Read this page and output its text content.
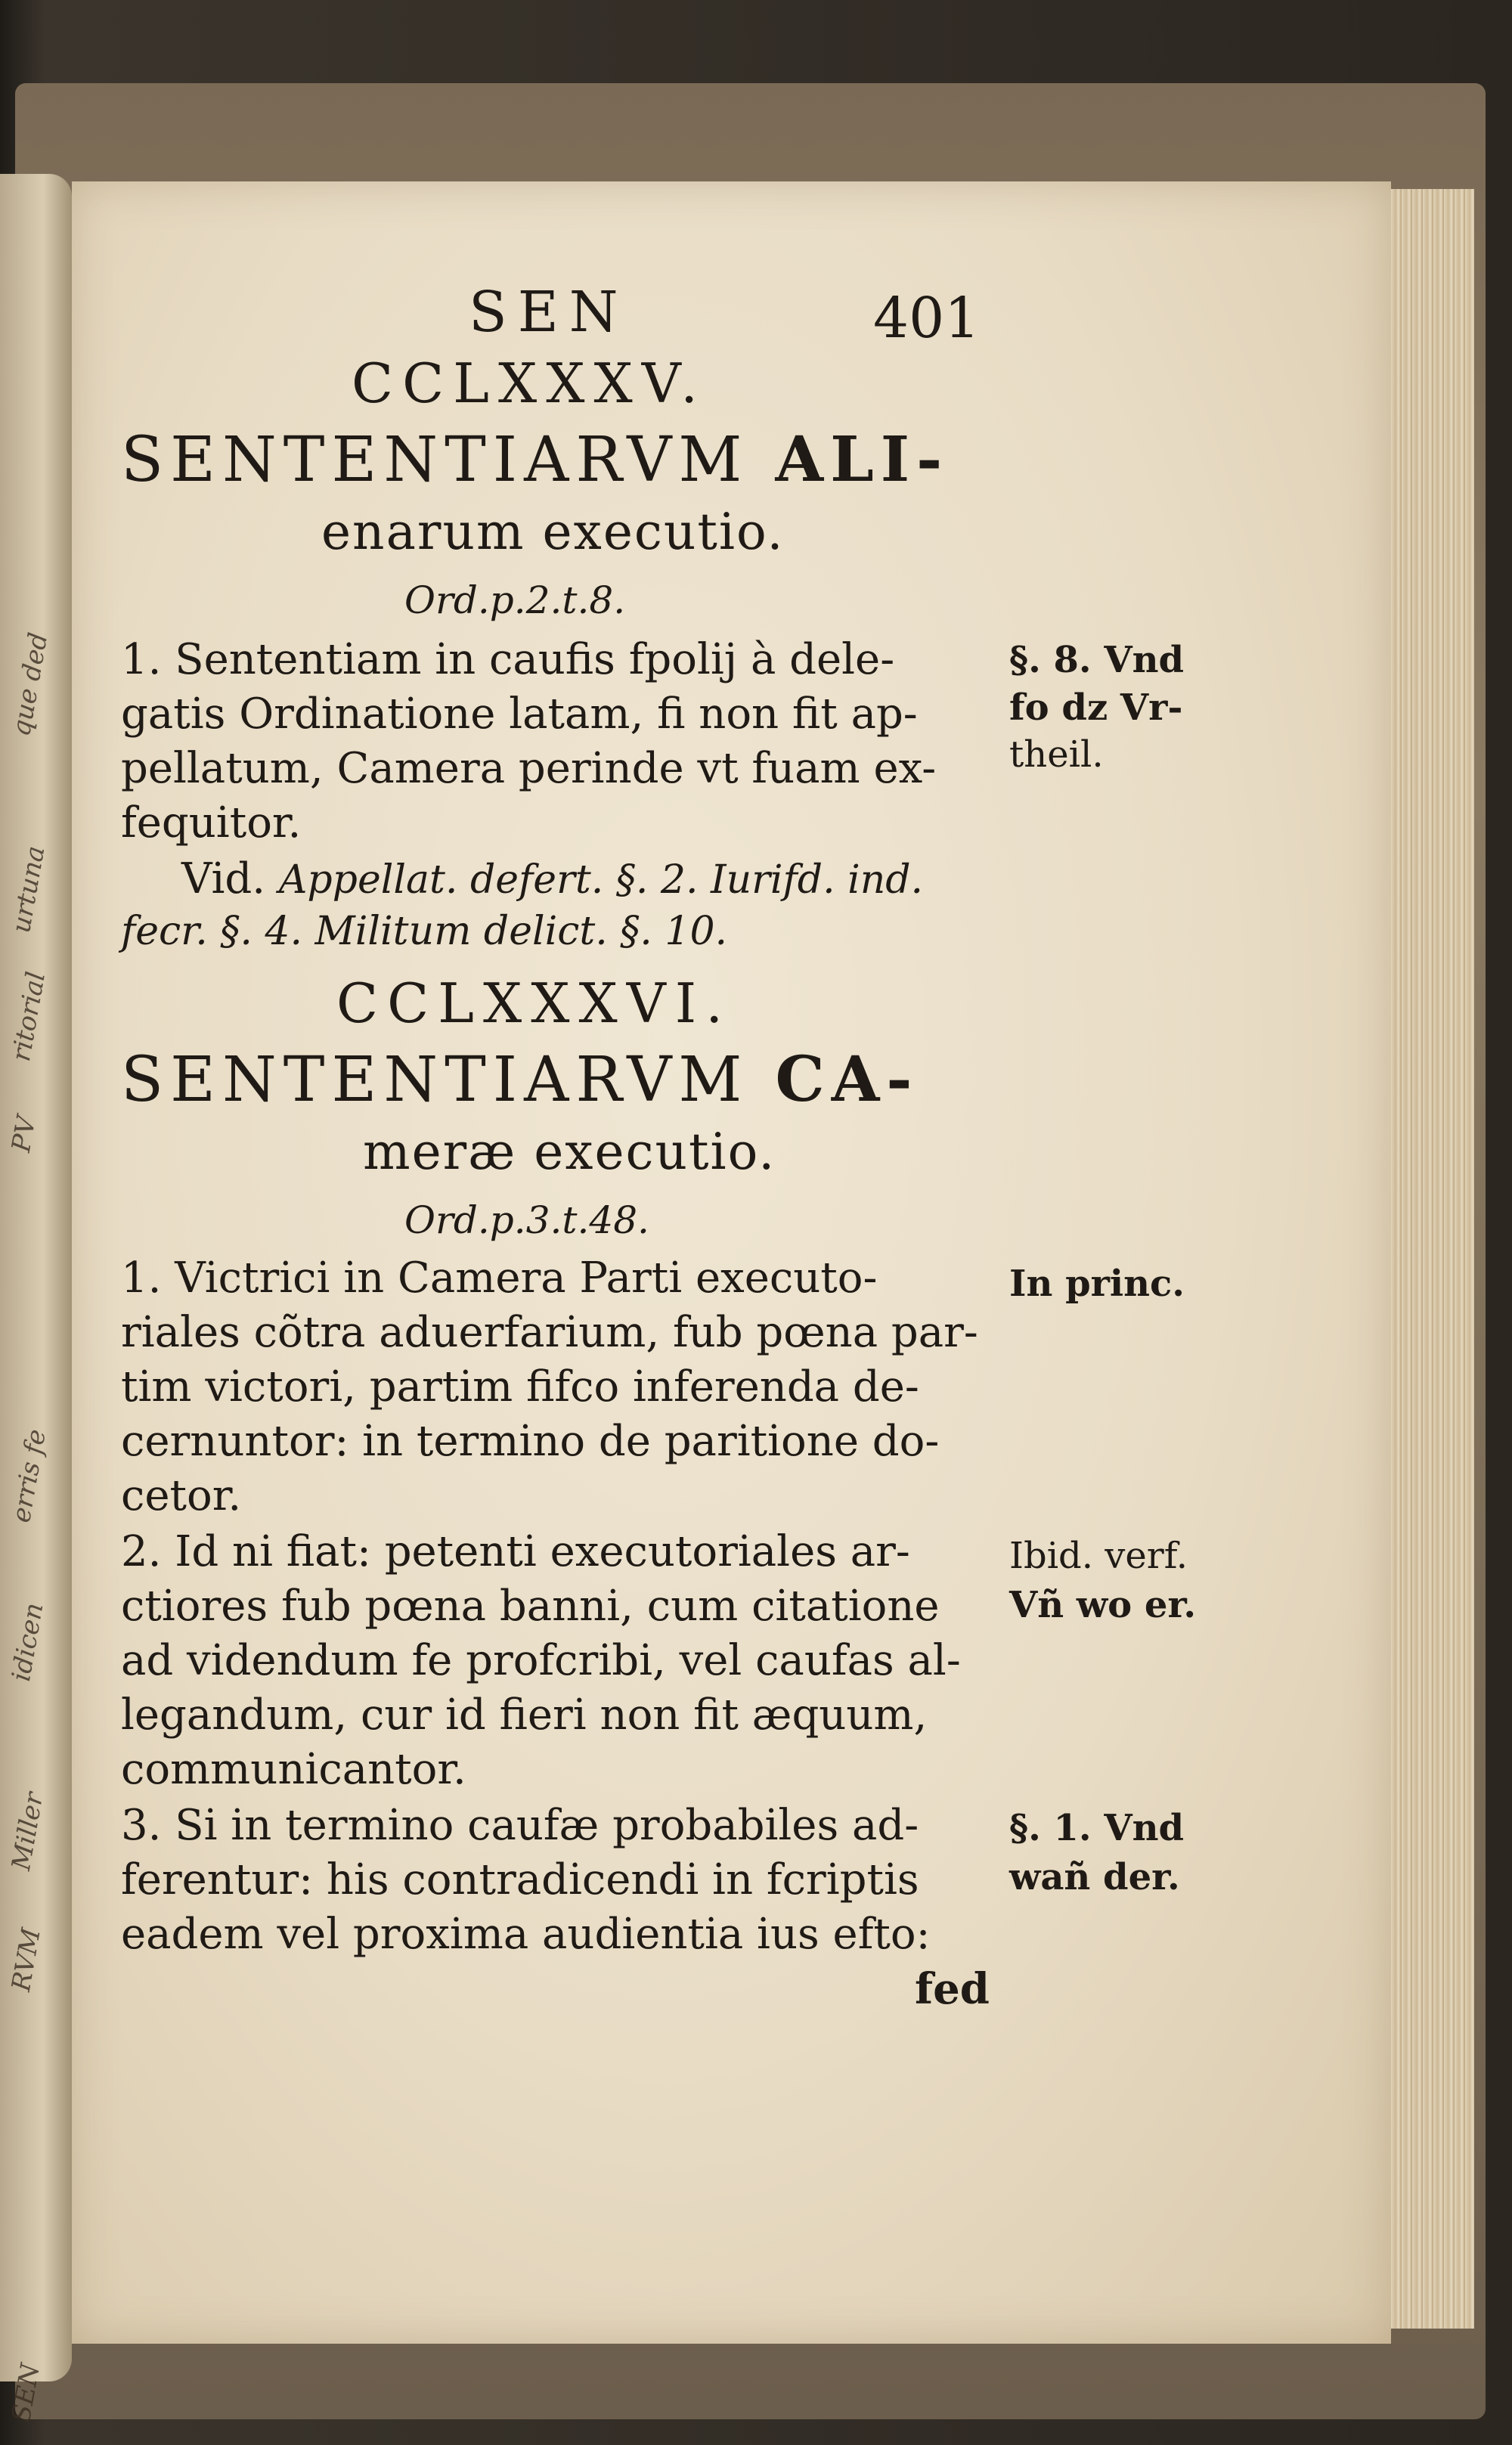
que ded
urtuna
ritorial
PV
erris fe
idicen
Miller
RVM
SEN
SEN	401
CCLXXXV.
SENTENTIARVM ALI-
enarum executio.
Ord.p.2.t.8.
1. Sententiam in caufis fpolij à dele-
gatis Ordinatione latam, fi non fit ap-
pellatum, Camera perinde vt fuam ex-
fequitor.
§. 8. Vnd
fo dz Vr-
theil.
Vid. Appellat. defert. §. 2. Iurifd. ind.
fecr. §. 4. Militum delict. §. 10.
CCLXXXVI.
SENTENTIARVM CA-
meræ executio.
Ord.p.3.t.48.
1. Victrici in Camera Parti executo-
riales cõtra aduerfarium, fub pœna par-
tim victori, partim fifco inferenda de-
cernuntor: in termino de paritione do-
cetor.
In princ.
2. Id ni fiat: petenti executoriales ar-
ctiores fub pœna banni, cum citatione
ad videndum fe profcribi, vel caufas al-
legandum, cur id fieri non fit æquum,
communicantor.
Ibid. verf.
Vñ wo er.
3. Si in termino caufæ probabiles ad-
ferentur: his contradicendi in fcriptis
eadem vel proxima audientia ius efto:
§. 1. Vnd
wañ der.
fed
